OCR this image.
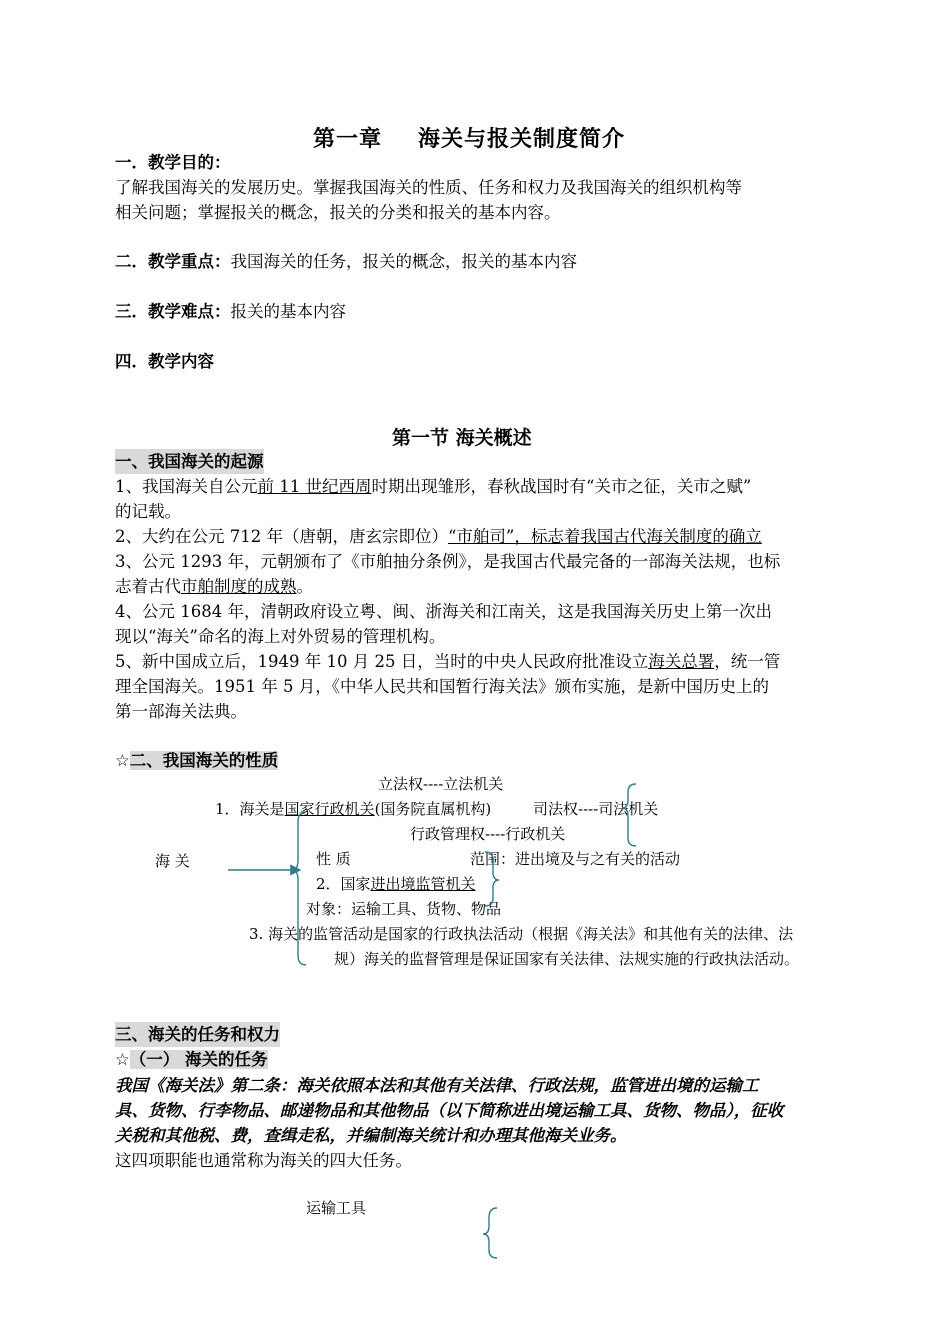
第一章 海关与报关制度简介
一．教学目的：
了解我国海关的发展历史。掌握我国海关的性质、任务和权力及我国海关的组织机构等
相关问题；掌握报关的概念，报关的分类和报关的基本内容。
二．教学重点：我国海关的任务，报关的概念，报关的基本内容
三．教学难点：报关的基本内容
四．教学内容
第一节 海关概述
一、我国海关的起源
1、我国海关自公元前 11 世纪西周时期出现雏形，春秋战国时有“关市之征，关市之赋”
的记载。
2、大约在公元 712 年（唐朝，唐玄宗即位）“市舶司”，标志着我国古代海关制度的确立
3、公元 1293 年，元朝颁布了《市舶抽分条例》，是我国古代最完备的一部海关法规，也标
志着古代市舶制度的成熟。
4、公元 1684 年，清朝政府设立粤、闽、浙海关和江南关，这是我国海关历史上第一次出
现以“海关”命名的海上对外贸易的管理机构。
5、新中国成立后，1949 年 10 月 25 日，当时的中央人民政府批准设立海关总署，统一管
理全国海关。1951 年 5 月，《中华人民共和国暂行海关法》颁布实施，是新中国历史上的
第一部海关法典。
☆二、我国海关的性质
立法权----立法机关
1．海关是国家行政机关(国务院直属机构)	司法权----司法机关
行政管理权----行政机关
海 关	性 质	范围：进出境及与之有关的活动
2．国家进出境监管机关
对象：运输工具、货物、物品
3. 海关的监管活动是国家的行政执法活动（根据《海关法》和其他有关的法律、法
规）海关的监督管理是保证国家有关法律、法规实施的行政执法活动。
三、海关的任务和权力
☆（一） 海关的任务
我国《海关法》第二条：海关依照本法和其他有关法律、行政法规，监管进出境的运输工
具、货物、行李物品、邮递物品和其他物品（以下简称进出境运输工具、货物、物品），征收
关税和其他税、费，查缉走私，并编制海关统计和办理其他海关业务。
这四项职能也通常称为海关的四大任务。
运输工具
